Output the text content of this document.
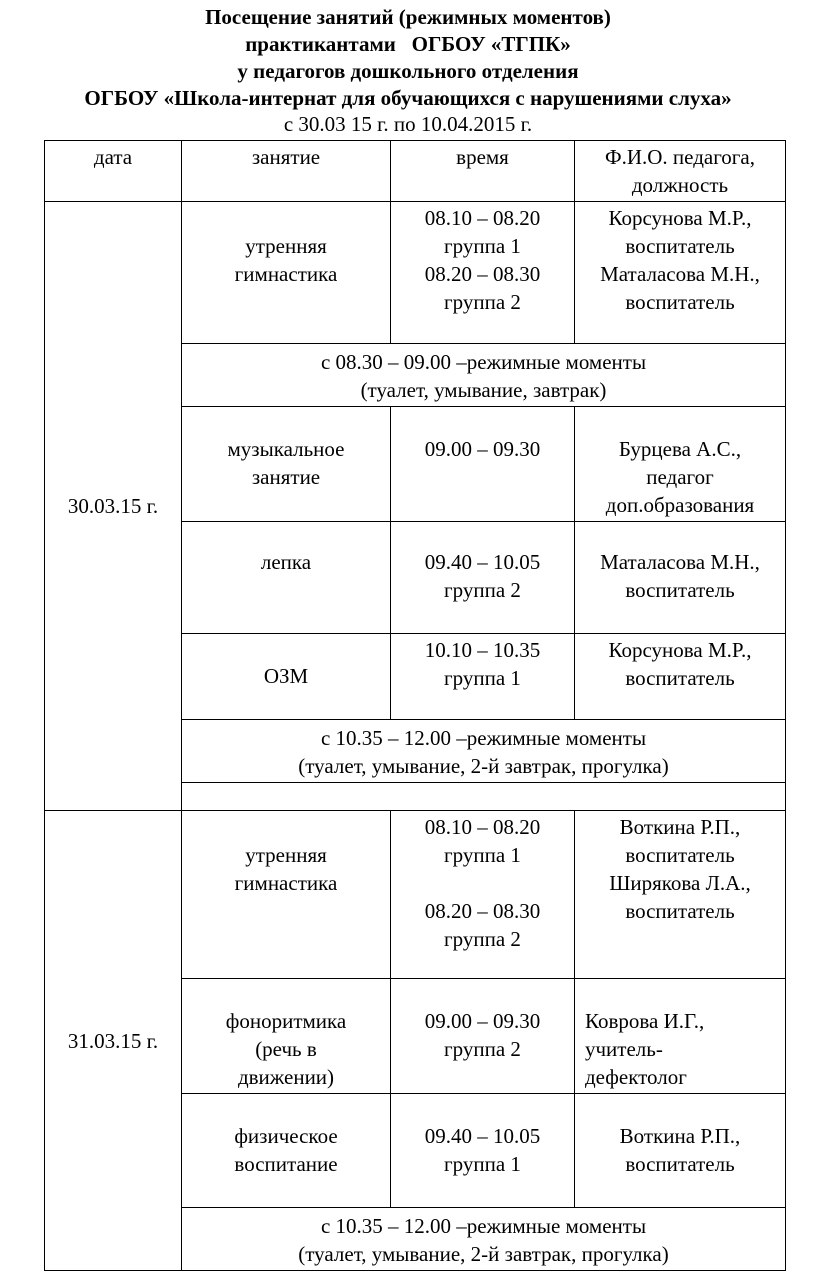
Посещение занятий (режимных моментов)
практикантами   ОГБОУ «ТГПК»
у педагогов дошкольного отделения
ОГБОУ «Школа-интернат для обучающихся с нарушениями слуха»
с 30.03 15 г. по 10.04.2015 г.
дата	занятие	время	Ф.И.О. педагога,
должность

30.03.15 г.	утренняя
гимнастика	08.10 – 08.20
группа 1
08.20 – 08.30
группа 2	Корсунова М.Р.,
воспитатель
Маталасова М.Н.,
воспитатель

	с 08.30 – 09.00 –режимные моменты
(туалет, умывание, завтрак)		

	музыкальное
занятие	09.00 – 09.30	Бурцева А.С.,
педагог
доп.образования

	лепка	09.40 – 10.05
группа 2	Маталасова М.Н.,
воспитатель

	ОЗМ	10.10 – 10.35
группа 1	Корсунова М.Р.,
воспитатель

	с 10.35 – 12.00 –режимные моменты
(туалет, умывание, 2-й завтрак, прогулка)		

31.03.15 г.	утренняя
гимнастика	08.10 – 08.20
группа 1
08.20 – 08.30
группа 2	Воткина Р.П.,
воспитатель
Ширякова Л.А.,
воспитатель

	фоноритмика
(речь в
движении)	09.00 – 09.30
группа 2	Коврова И.Г.,
учитель-
дефектолог

	физическое
воспитание	09.40 – 10.05
группа 1	Воткина Р.П.,
воспитатель

	с 10.35 – 12.00 –режимные моменты
(туалет, умывание, 2-й завтрак, прогулка)		
